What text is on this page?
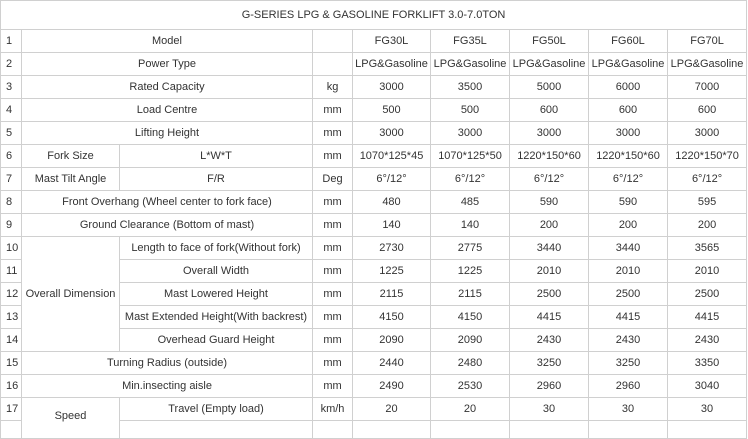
G-SERIES LPG & GASOLINE FORKLIFT 3.0-7.0TON								
1	Model			FG30L	FG35L	FG50L	FG60L	FG70L
2	Power Type			LPG&Gasoline	LPG&Gasoline	LPG&Gasoline	LPG&Gasoline	LPG&Gasoline
3	Rated Capacity		kg	3000	3500	5000	6000	7000
4	Load Centre		mm	500	500	600	600	600
5	Lifting Height		mm	3000	3000	3000	3000	3000
6	Fork Size	L*W*T	mm	1070*125*45	1070*125*50	1220*150*60	1220*150*60	1220*150*70
7	Mast Tilt Angle	F/R	Deg	6°/12°	6°/12°	6°/12°	6°/12°	6°/12°
8	Front Overhang (Wheel center to fork face)		mm	480	485	590	590	595
9	Ground Clearance (Bottom of mast)		mm	140	140	200	200	200
10	Overall Dimension	Length to face of fork(Without fork)	mm	2730	2775	3440	3440	3565
11		Overall Width	mm	1225	1225	2010	2010	2010
12		Mast Lowered Height	mm	2115	2115	2500	2500	2500
13		Mast Extended Height(With backrest)	mm	4150	4150	4415	4415	4415
14		Overhead Guard Height	mm	2090	2090	2430	2430	2430
15	Turning Radius (outside)		mm	2440	2480	3250	3250	3350
16	Min.insecting aisle		mm	2490	2530	2960	2960	3040
17	Speed	Travel (Empty load)	km/h	20	20	30	30	30
